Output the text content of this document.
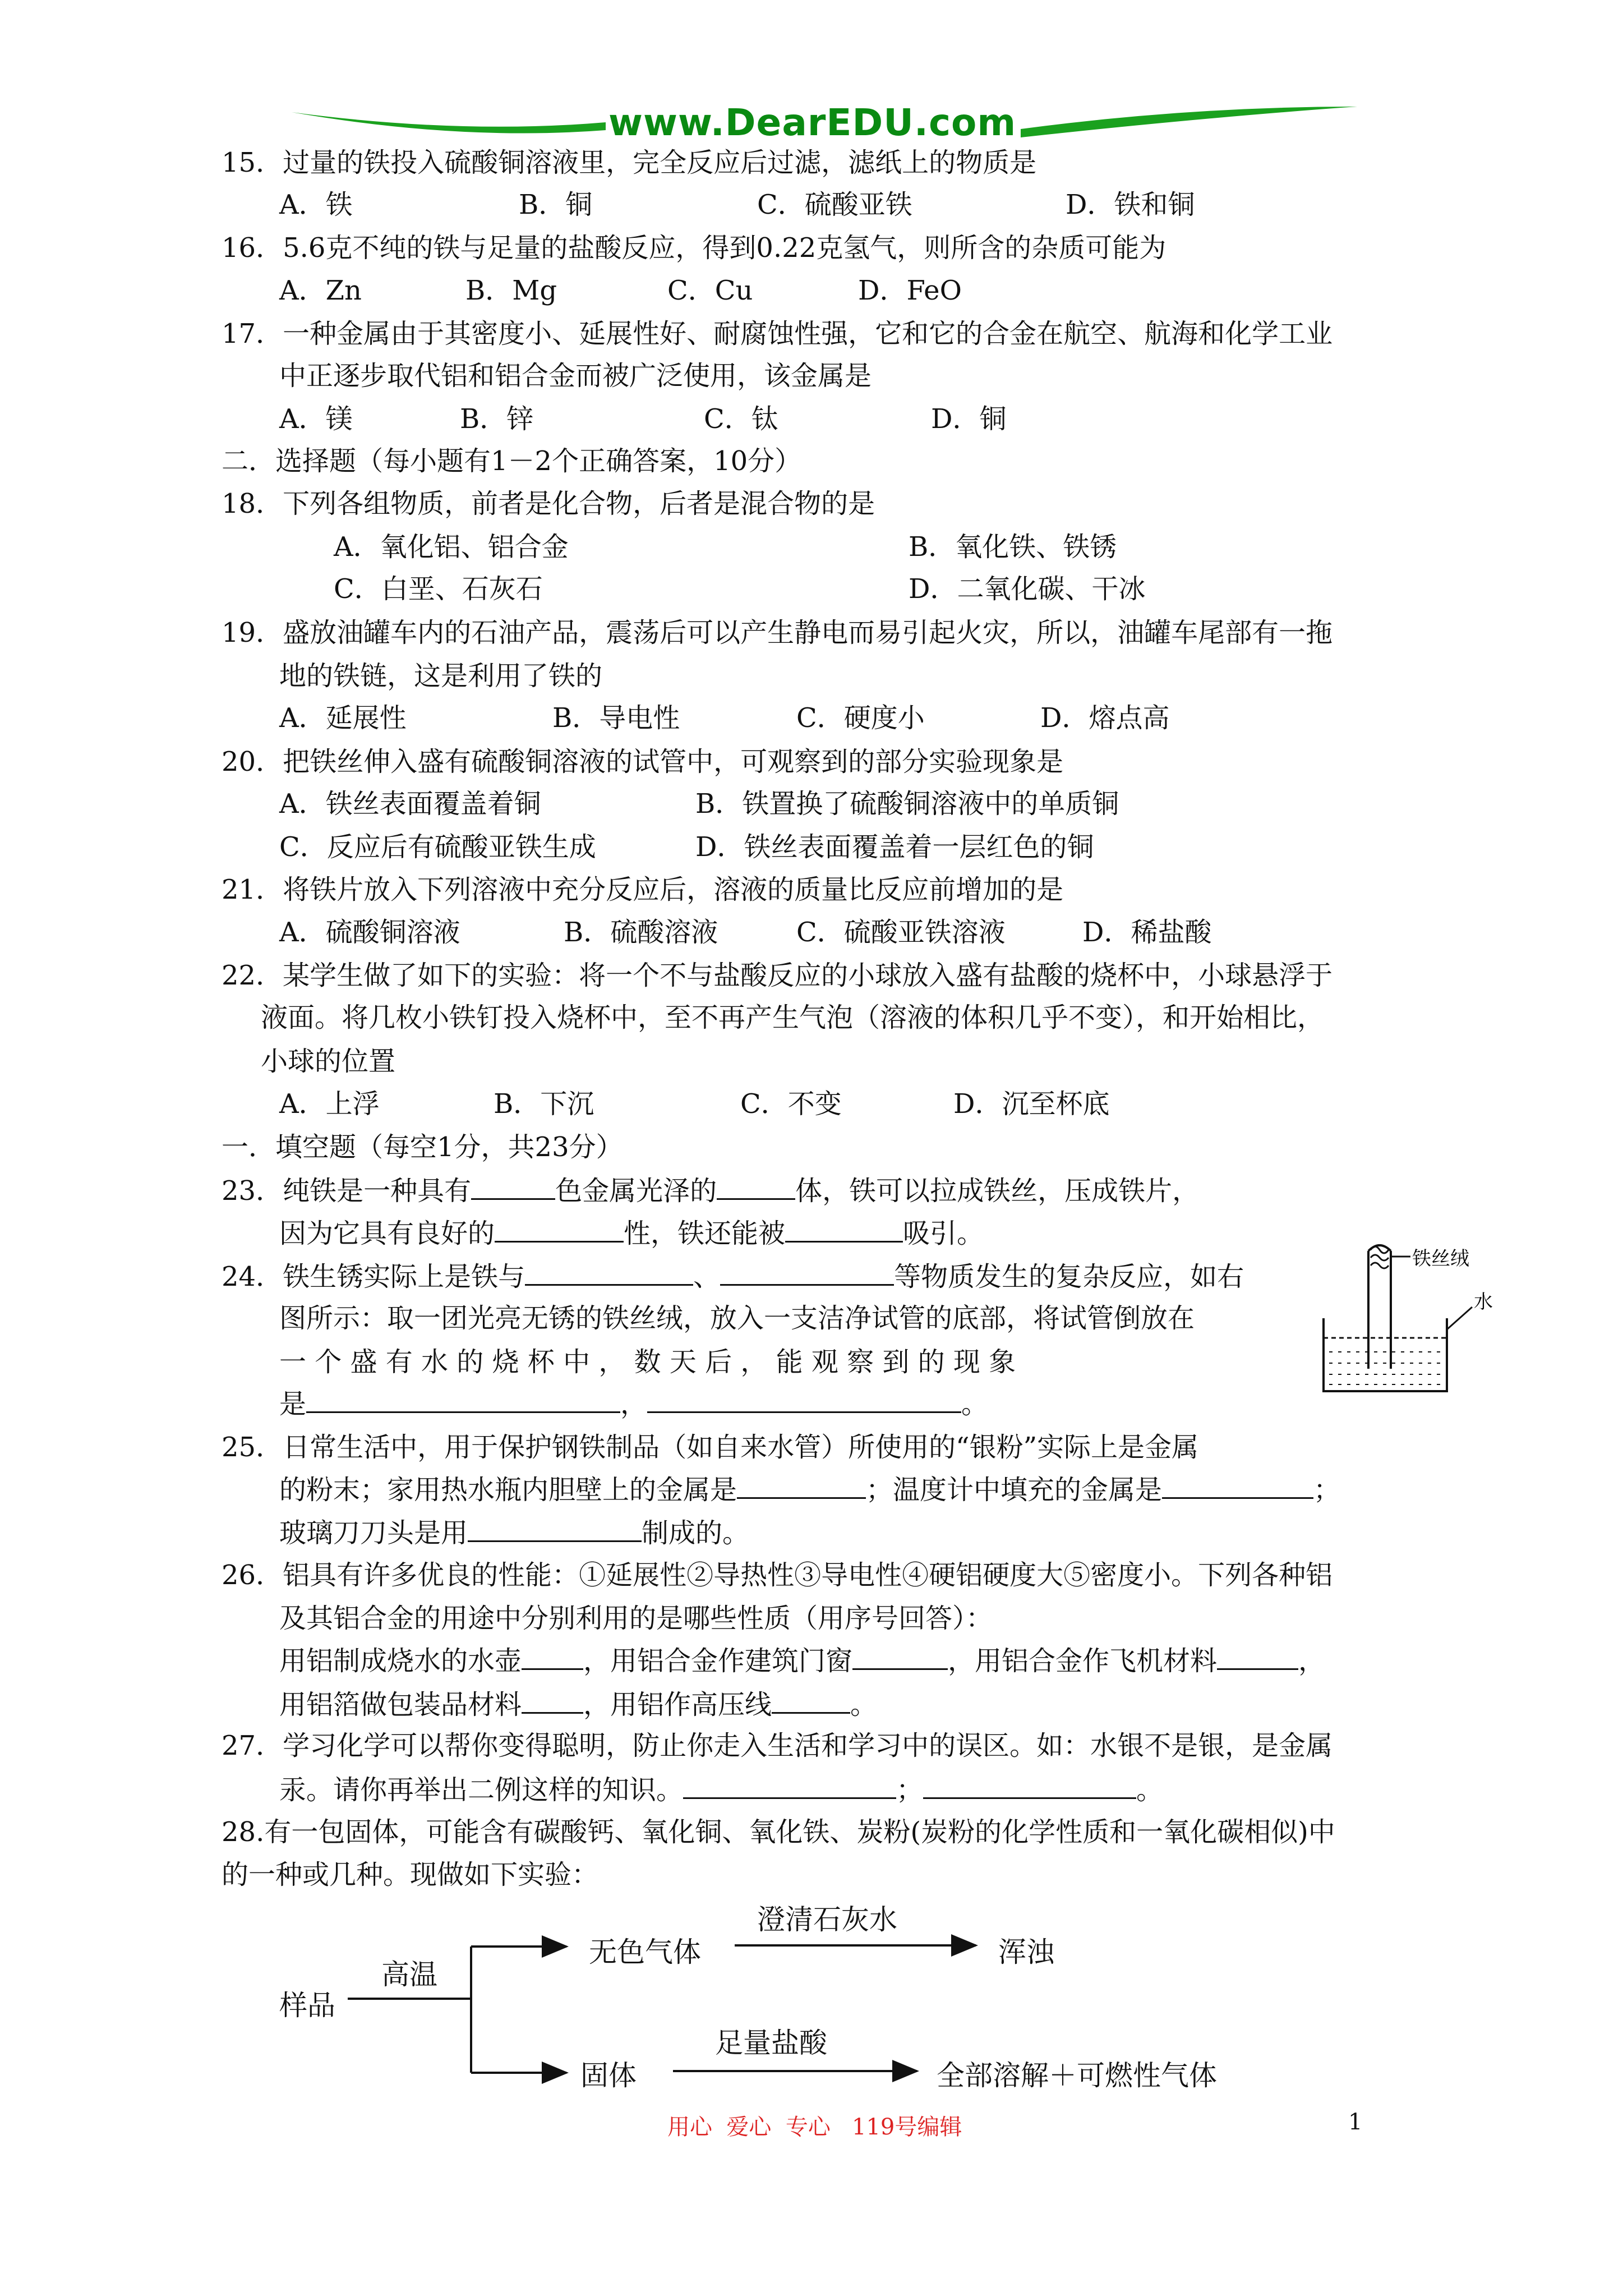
www.DearEDU.com
15．过量的铁投入硫酸铜溶液里，完全反应后过滤，滤纸上的物质是
A．铁	B．铜	C．硫酸亚铁	D．铁和铜
16．5.6克不纯的铁与足量的盐酸反应，得到0.22克氢气，则所含的杂质可能为
A．Zn	B．Mg	C．Cu	D．FeO
17．一种金属由于其密度小、延展性好、耐腐蚀性强，它和它的合金在航空、航海和化学工业
中正逐步取代铝和铝合金而被广泛使用，该金属是
A．镁	B．锌	C．钛	D．铜
二．选择题（每小题有1－2个正确答案，10分）
18．下列各组物质，前者是化合物，后者是混合物的是
A．氧化铝、铝合金	B．氧化铁、铁锈
C．白垩、石灰石	D．二氧化碳、干冰
19．盛放油罐车内的石油产品，震荡后可以产生静电而易引起火灾，所以，油罐车尾部有一拖
地的铁链，这是利用了铁的
A．延展性	B．导电性	C．硬度小	D．熔点高
20．把铁丝伸入盛有硫酸铜溶液的试管中，可观察到的部分实验现象是
A．铁丝表面覆盖着铜	B．铁置换了硫酸铜溶液中的单质铜
C．反应后有硫酸亚铁生成	D．铁丝表面覆盖着一层红色的铜
21．将铁片放入下列溶液中充分反应后，溶液的质量比反应前增加的是
A．硫酸铜溶液	B．硫酸溶液	C．硫酸亚铁溶液	D．稀盐酸
22．某学生做了如下的实验：将一个不与盐酸反应的小球放入盛有盐酸的烧杯中，小球悬浮于
液面。将几枚小铁钉投入烧杯中，至不再产生气泡（溶液的体积几乎不变），和开始相比，
小球的位置
A．上浮	B．下沉	C．不变	D．沉至杯底
一．填空题（每空1分，共23分）
23．纯铁是一种具有	色金属光泽的	体，铁可以拉成铁丝，压成铁片，
因为它具有良好的	性，铁还能被	吸引。
24．铁生锈实际上是铁与	、	等物质发生的复杂反应，如右
图所示：取一团光亮无锈的铁丝绒，放入一支洁净试管的底部，将试管倒放在
一 个 盛 有 水 的 烧 杯 中 ， 数 天 后 ， 能 观 察 到 的 现 象
是	，	。
25．日常生活中，用于保护钢铁制品（如自来水管）所使用的“银粉”实际上是金属
的粉末；家用热水瓶内胆壁上的金属是	；温度计中填充的金属是	；
玻璃刀刀头是用	制成的。
26．铝具有许多优良的性能：①延展性②导热性③导电性④硬铝硬度大⑤密度小。下列各种铝
及其铝合金的用途中分别利用的是哪些性质（用序号回答）：
用铝制成烧水的水壶 ，用铝合金作建筑门窗	，用铝合金作飞机材料	，
用铝箔做包装品材料 ，用铝作高压线	。
27．学习化学可以帮你变得聪明，防止你走入生活和学习中的误区。如：水银不是银，是金属
汞。请你再举出二例这样的知识。	；	。
28.有一包固体，可能含有碳酸钙、氧化铜、氧化铁、炭粉(炭粉的化学性质和一氧化碳相似)中
的一种或几种。现做如下实验：
铁丝绒
水
样品
高温
无色气体
澄清石灰水
浑浊
固体
足量盐酸
全部溶解＋可燃性气体
用心  爱心  专心   119号编辑	1
